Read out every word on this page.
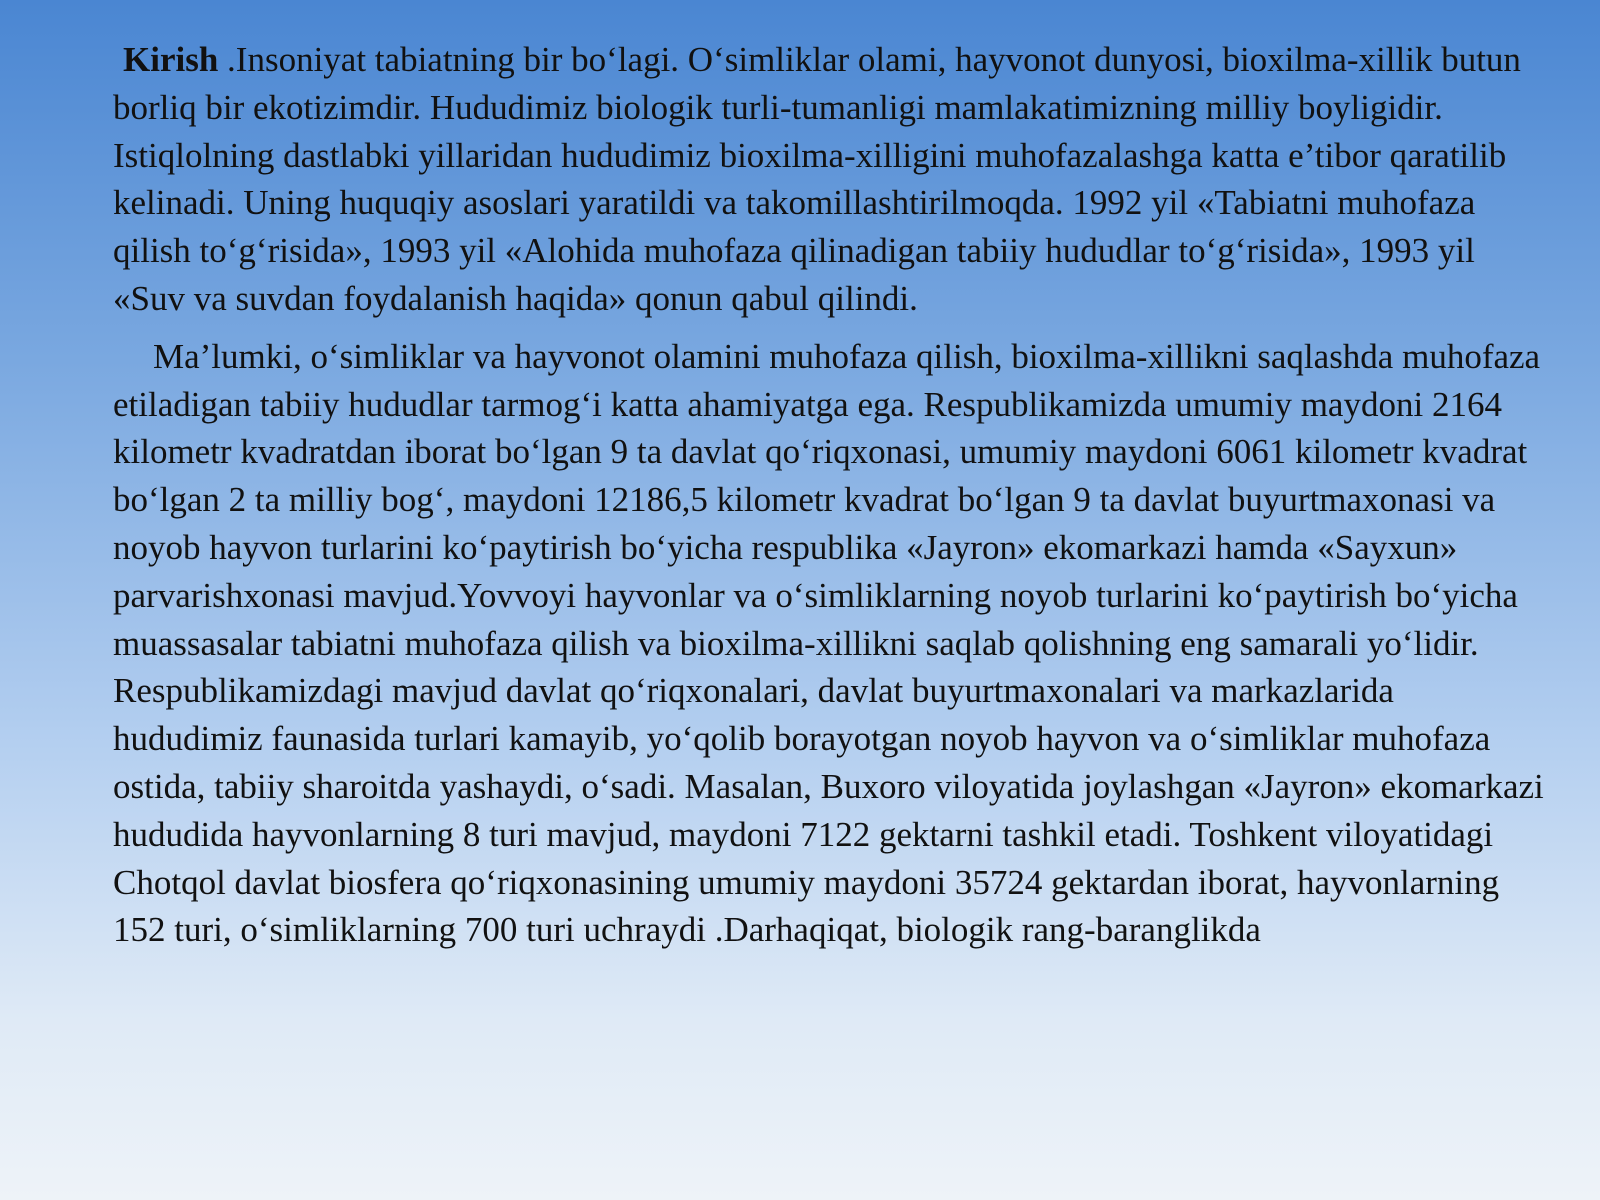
Kirish .Insoniyat tabiatning bir bo‘lagi. O‘simliklar olami, hayvonot dunyosi, bioxilma-xillik butun borliq bir ekotizimdir. Hududimiz biologik turli-tumanligi mamlakatimizning milliy boyligidir. Istiqlolning dastlabki yillaridan hududimiz bioxilma-xilligini muhofazalashga katta e’tibor qaratilib kelinadi. Uning huquqiy asoslari yaratildi va takomillashtirilmoqda. 1992 yil «Tabiatni muhofaza qilish to‘g‘risida», 1993 yil «Alohida muhofaza qilinadigan tabiiy hududlar to‘g‘risida», 1993 yil «Suv va suvdan foydalanish haqida» qonun qabul qilindi.

Ma’lumki, o‘simliklar va hayvonot olamini muhofaza qilish, bioxilma-xillikni saqlashda muhofaza etiladigan tabiiy hududlar tarmog‘i katta ahamiyatga ega. Respublikamizda umumiy maydoni 2164 kilometr kvadratdan iborat bo‘lgan 9 ta davlat qo‘riqxonasi, umumiy maydoni 6061 kilometr kvadrat bo‘lgan 2 ta milliy bog‘, maydoni 12186,5 kilometr kvadrat bo‘lgan 9 ta davlat buyurtmaxonasi va noyob hayvon turlarini ko‘paytirish bo‘yicha respublika «Jayron» ekomarkazi hamda «Sayxun» parvarishxonasi mavjud.Yovvoyi hayvonlar va o‘simliklarning noyob turlarini ko‘paytirish bo‘yicha muassasalar tabiatni muhofaza qilish va bioxilma-xillikni saqlab qolishning eng samarali yo‘lidir. Respublikamizdagi mavjud davlat qo‘riqxonalari, davlat buyurtmaxonalari va markazlarida hududimiz faunasida turlari kamayib, yo‘qolib borayotgan noyob hayvon va o‘simliklar muhofaza ostida, tabiiy sharoitda yashaydi, o‘sadi. Masalan, Buxoro viloyatida joylashgan «Jayron» ekomarkazi hududida hayvonlarning 8 turi mavjud, maydoni 7122 gektarni tashkil etadi. Toshkent viloyatidagi Chotqol davlat biosfera qo‘riqxonasining umumiy maydoni 35724 gektardan iborat, hayvonlarning 152 turi, o‘simliklarning 700 turi uchraydi .Darhaqiqat, biologik rang-baranglikda
